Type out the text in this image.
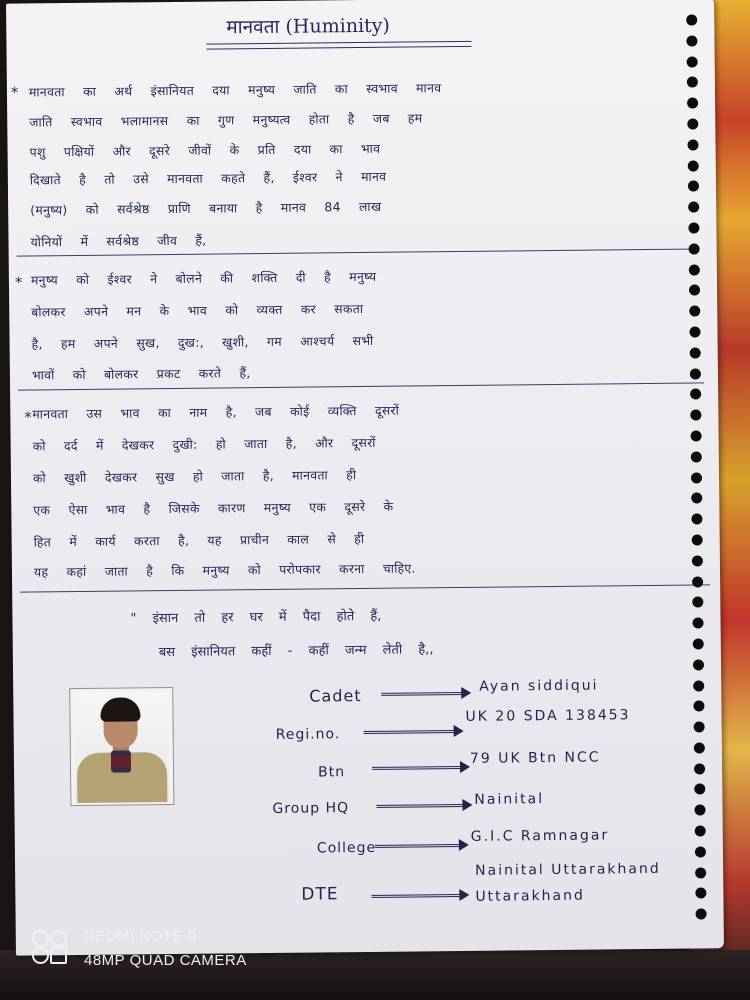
मानवता (Huminity)
* मानवता का अर्थ इंसानियत दया मनुष्य जाति का स्वभाव मानव
जाति स्वभाव भलामानस का गुण मनुष्यत्व होता है जब हम
पशु पक्षियों और दूसरे जीवों के प्रति दया का भाव
दिखाते है तो उसे मानवता कहते हैं, ईश्वर ने मानव
(मनुष्य) को सर्वश्रेष्ठ प्राणि बनाया है मानव 84 लाख
योनियों में सर्वश्रेष्ठ जीव हैं,
* मनुष्य को ईश्वर ने बोलने की शक्ति दी है मनुष्य
बोलकर अपने मन के भाव को व्यक्त कर सकता
है, हम अपने सुख, दुख:, खुशी, गम आश्चर्य सभी
भावों को बोलकर प्रकट करते हैं,
* मानवता उस भाव का नाम है, जब कोई व्यक्ति दूसरों
को दर्द में देखकर दुखी: हो जाता है, और दूसरों
को खुशी देखकर सुख हो जाता है, मानवता ही
एक ऐसा भाव है जिसके कारण मनुष्य एक दूसरे के
हित में कार्य करता है, यह प्राचीन काल से ही
यह कहां जाता है कि मनुष्य को परोपकार करना चाहिए.
" इंसान तो हर घर में पैदा होते हैं,
बस इंसानियत कहीं - कहीं जन्म लेती है,,
Cadet	Ayan siddiqui
Regi.no.
UK 20 SDA 138453
Btn
79 UK Btn NCC
Group HQ
Nainital
College
G.I.C Ramnagar
DTE
Nainital Uttarakhand
Uttarakhand
REDMI NOTE 9
48MP QUAD CAMERA
